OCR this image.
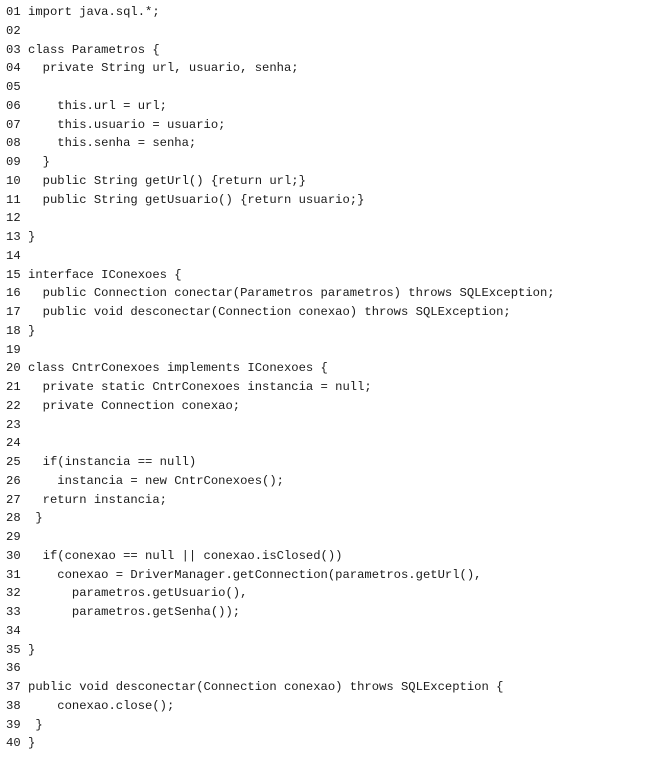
01 import java.sql.*;
02
03 class Parametros {
04 private String url, usuario, senha;
05
06 this.url = url;
07 this.usuario = usuario;
08 this.senha = senha;
09 }
10 public String getUrl() {return url;}
11 public String getUsuario() {return usuario;}
12
13 }
14
15 interface IConexoes {
16 public Connection conectar(Parametros parametros) throws SQLException;
17 public void desconectar(Connection conexao) throws SQLException;
18 }
19
20 class CntrConexoes implements IConexoes {
21 private static CntrConexoes instancia = null;
22 private Connection conexao;
23
24
25 if(instancia == null)
26 instancia = new CntrConexoes();
27 return instancia;
28 }
29
30 if(conexao == null || conexao.isClosed())
31 conexao = DriverManager.getConnection(parametros.getUrl(),
32 parametros.getUsuario(),
33 parametros.getSenha());
34
35 }
36
37 public void desconectar(Connection conexao) throws SQLException {
38 conexao.close();
39 }
40 }
